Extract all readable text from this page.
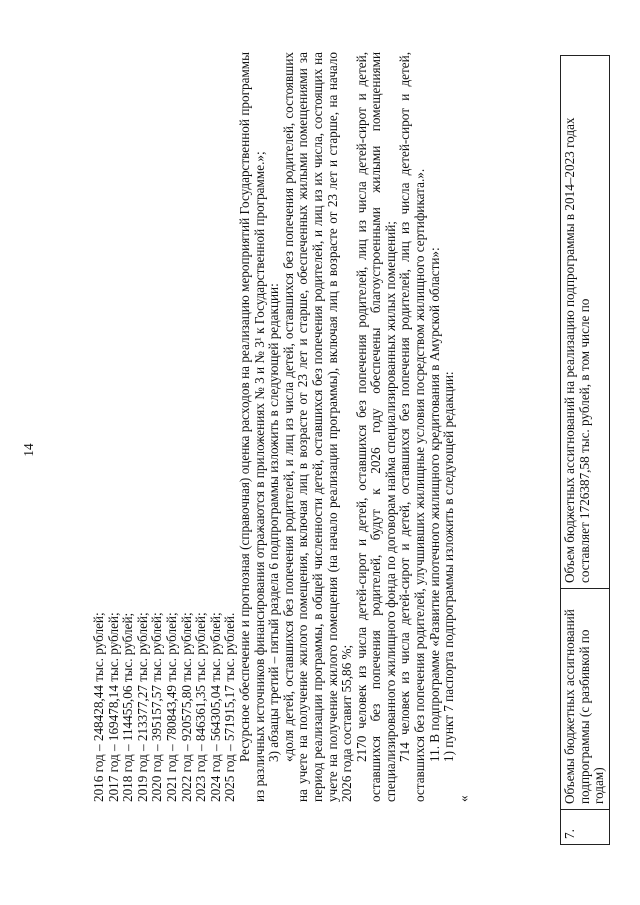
14

2016 год – 248428,44 тыс. рублей; 2017 год – 169478,14 тыс. рублей; 2018 год – 114455,06 тыс. рублей; 2019 год – 213377,27 тыс. рублей; 2020 год – 395157,57 тыс. рублей; 2021 год – 780843,49 тыс. рублей; 2022 год – 920575,80 тыс. рублей; 2023 год – 846361,35 тыс. рублей; 2024 год – 564305,04 тыс. рублей; 2025 год – 571915,17 тыс. рублей. Ресурсное обеспечение и прогнозная (справочная) оценка расходов на реализацию мероприятий Государственной программы из различных источников финансирования отражаются в приложениях № 3 и № 3¹ к Государственной программе.»; 3) абзацы третий – пятый раздела 6 подпрограммы изложить в следующей редакции: «доля детей, оставшихся без попечения родителей, и лиц из числа детей, оставшихся без попечения родителей, состоявших на учете на получение жилого помещения, включая лиц в возрасте от 23 лет и старше, обеспеченных жилыми помещениями за период реализации программы, в общей численности детей, оставшихся без попечения родителей, и лиц из их числа, состоящих на учете на получение жилого помещения (на начало реализации программы), включая лиц в возрасте от 23 лет и старше, на начало 2026 года составит 55,86 %; 2170 человек из числа детей-сирот и детей, оставшихся без попечения родителей, лиц из числа детей-сирот и детей, оставшихся без попечения родителей, будут к 2026 году обеспечены благоустроенными жилыми помещениями специализированного жилищного фонда по договорам найма специализированных жилых помещений; 714 человек из числа детей-сирот и детей, оставшихся без попечения родителей, лиц из числа детей-сирот и детей, оставшихся без попечения родителей, улучшивших жилищные условия посредством жилищного сертификата.». 11. В подпрограмме «Развитие ипотечного жилищного кредитования в Амурской области»: 1) пункт 7 паспорта подпрограммы изложить в следующей редакции:

«

7.	Объемы бюджетных ассигнований подпрограммы (с разбивкой по годам)	Объем бюджетных ассигнований на реализацию подпрограммы в 2014–2023 годах составляет 1726387,58 тыс. рублей, в том числе по
